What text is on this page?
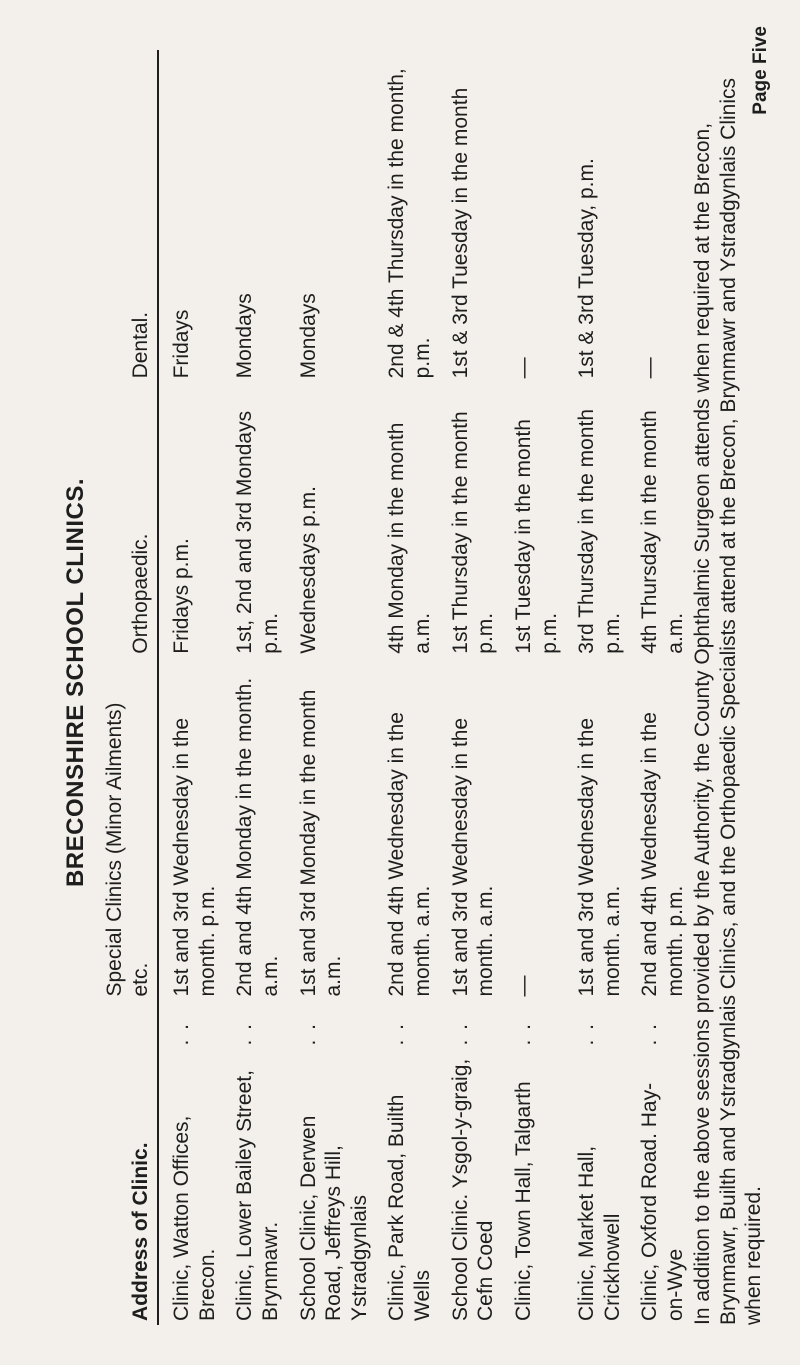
BRECONSHIRE SCHOOL CLINICS.
Address of Clinic.		Special Clinics (Minor Ailments) etc.	Orthopaedic.	Dental.
Clinic, Watton Offices, Brecon.	. .	1st and 3rd Wednesday in the month. p.m.	Fridays p.m.	Fridays
Clinic, Lower Bailey Street, Brynmawr.	. .	2nd and 4th Monday in the month. a.m.	1st, 2nd and 3rd Mondays p.m.	Mondays
School Clinic, Derwen Road, Jeffreys Hill, Ystradgynlais	. .	1st and 3rd Monday in the month a.m.	Wednesdays p.m.	Mondays
Clinic, Park Road, Builth Wells	. .	2nd and 4th Wednesday in the month. a.m.	4th Monday in the month a.m.	2nd & 4th Thursday in the month, p.m.
School Clinic. Ysgol-y-graig, Cefn Coed	. .	1st and 3rd Wednesday in the month. a.m.	1st Thursday in the month p.m.	1st & 3rd Tuesday in the month
Clinic, Town Hall, Talgarth	. .	—	1st Tuesday in the month p.m.	—
Clinic, Market Hall, Crickhowell	. .	1st and 3rd Wednesday in the month. a.m.	3rd Thursday in the month p.m.	1st & 3rd Tuesday, p.m.
Clinic, Oxford Road. Hay-on-Wye	. .	2nd and 4th Wednesday in the month. p.m.	4th Thursday in the month a.m.	— In addition to the above sessions provided by the Authority, the County Ophthalmic Surgeon attends when required at the Brecon, Brynmawr, Builth and Ystradgynlais Clinics, and the Orthopaedic Specialists attend at the Brecon, Brynmawr and Ystradgynlais Clinics when required.
Page Five
